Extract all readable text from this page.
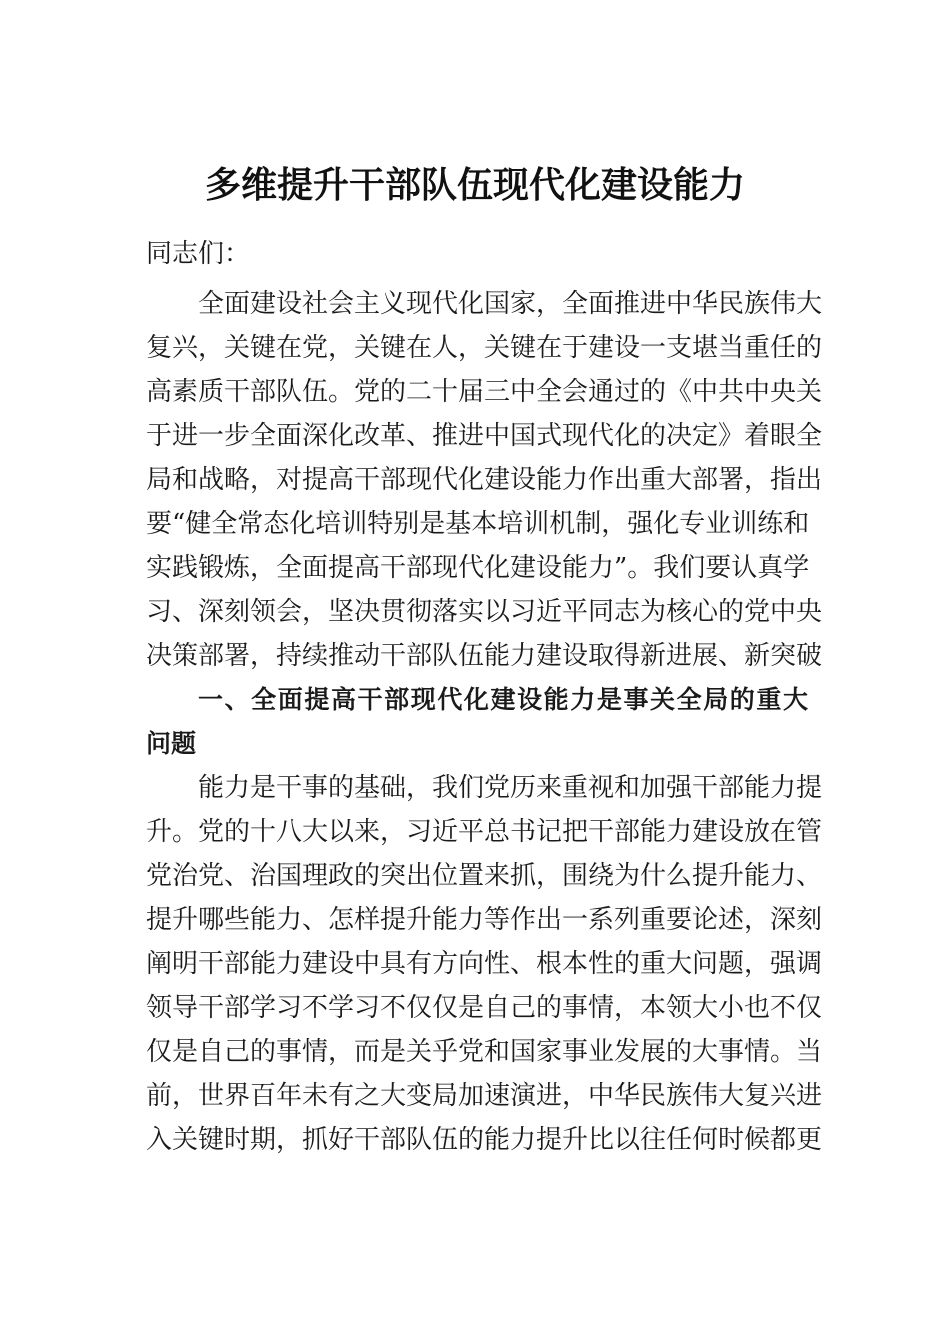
多维提升干部队伍现代化建设能力
同志们：
全面建设社会主义现代化国家，全面推进中华民族伟大
复兴，关键在党，关键在人，关键在于建设一支堪当重任的
高素质干部队伍。党的二十届三中全会通过的《中共中央关
于进一步全面深化改革、推进中国式现代化的决定》着眼全
局和战略，对提高干部现代化建设能力作出重大部署，指出
要“健全常态化培训特别是基本培训机制，强化专业训练和
实践锻炼，全面提高干部现代化建设能力”。我们要认真学
习、深刻领会，坚决贯彻落实以习近平同志为核心的党中央
决策部署，持续推动干部队伍能力建设取得新进展、新突破
一、全面提高干部现代化建设能力是事关全局的重大
问题
能力是干事的基础，我们党历来重视和加强干部能力提
升。党的十八大以来，习近平总书记把干部能力建设放在管
党治党、治国理政的突出位置来抓，围绕为什么提升能力、
提升哪些能力、怎样提升能力等作出一系列重要论述，深刻
阐明干部能力建设中具有方向性、根本性的重大问题，强调
领导干部学习不学习不仅仅是自己的事情，本领大小也不仅
仅是自己的事情，而是关乎党和国家事业发展的大事情。当
前，世界百年未有之大变局加速演进，中华民族伟大复兴进
入关键时期，抓好干部队伍的能力提升比以往任何时候都更
